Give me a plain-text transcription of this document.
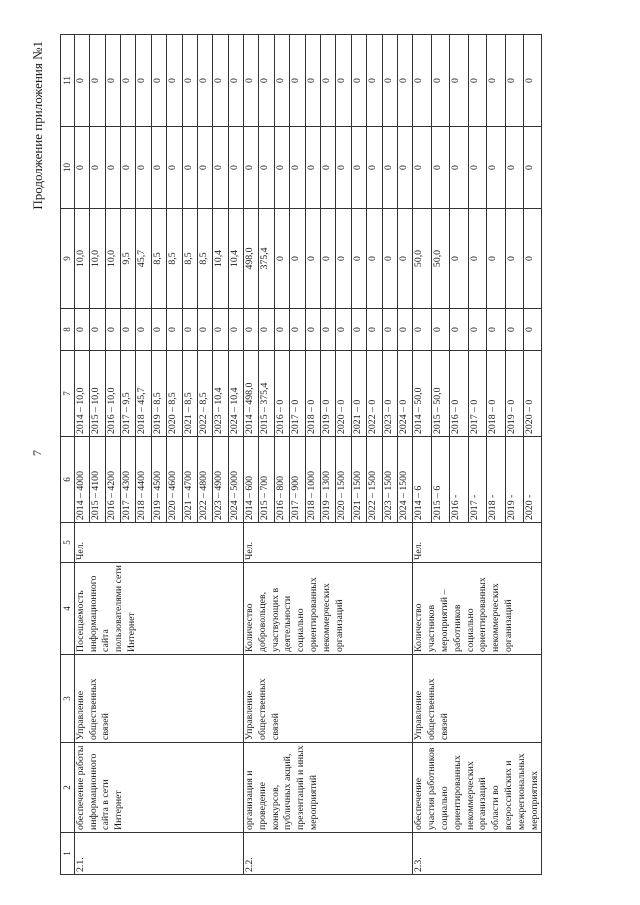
7
Продолжение приложения №1
1	2	3	4	5	6	7	8	9	10	11
2.1.	обеспечение работы информационного сайта в сети Интернет	Управление общественных связей	Посещаемость информационного сайта пользователями сети Интернет	Чел.	2014 – 4000	2014 – 10,0	0	10,0	0	0
					2015 – 4100	2015 – 10,0	0	10,0	0	0
					2016 – 4200	2016 – 10,0	0	10,0	0	0
					2017 – 4300	2017 – 9,5	0	9,5	0	0
					2018 – 4400	2018 – 45,7	0	45,7	0	0
					2019 – 4500	2019 – 8,5	0	8,5	0	0
					2020 – 4600	2020 – 8,5	0	8,5	0	0
					2021 – 4700	2021 – 8,5	0	8,5	0	0
					2022 – 4800	2022 – 8,5	0	8,5	0	0
					2023 – 4900	2023 – 10,4	0	10,4	0	0
					2024 – 5000	2024 – 10,4	0	10,4	0	0
2.2.	организация и проведение конкурсов, публичных акций, презентаций и иных мероприятий	Управление общественных связей	Количество добровольцев, участвующих в деятельности социально ориентированных некоммерческих организаций	Чел.	2014 – 600	2014 – 498,0	0	498,0	0	0
					2015 – 700	2015 – 375,4	0	375,4	0	0
					2016 – 800	2016 – 0	0	0	0	0
					2017 – 900	2017 – 0	0	0	0	0
					2018 – 1000	2018 – 0	0	0	0	0
					2019 – 1300	2019 – 0	0	0	0	0
					2020 – 1500	2020 – 0	0	0	0	0
					2021 – 1500	2021 – 0	0	0	0	0
					2022 – 1500	2022 – 0	0	0	0	0
					2023 – 1500	2023 – 0	0	0	0	0
					2024 – 1500	2024 – 0	0	0	0	0
2.3.	обеспечение участия работников социально ориентированных некоммерческих организаций области во всероссийских и межрегиональных мероприятиях	Управление общественных связей	Количество участников мероприятий – работников социально ориентированных некоммерческих организаций	Чел.	2014 – 6	2014 – 50,0	0	50,0	0	0
					2015 – 6	2015 – 50,0	0	50,0	0	0
					2016 -	2016 – 0	0	0	0	0
					2017 -	2017 – 0	0	0	0	0
					2018 -	2018 – 0	0	0	0	0
					2019 -	2019 – 0	0	0	0	0
					2020 -	2020 – 0	0	0	0	0
